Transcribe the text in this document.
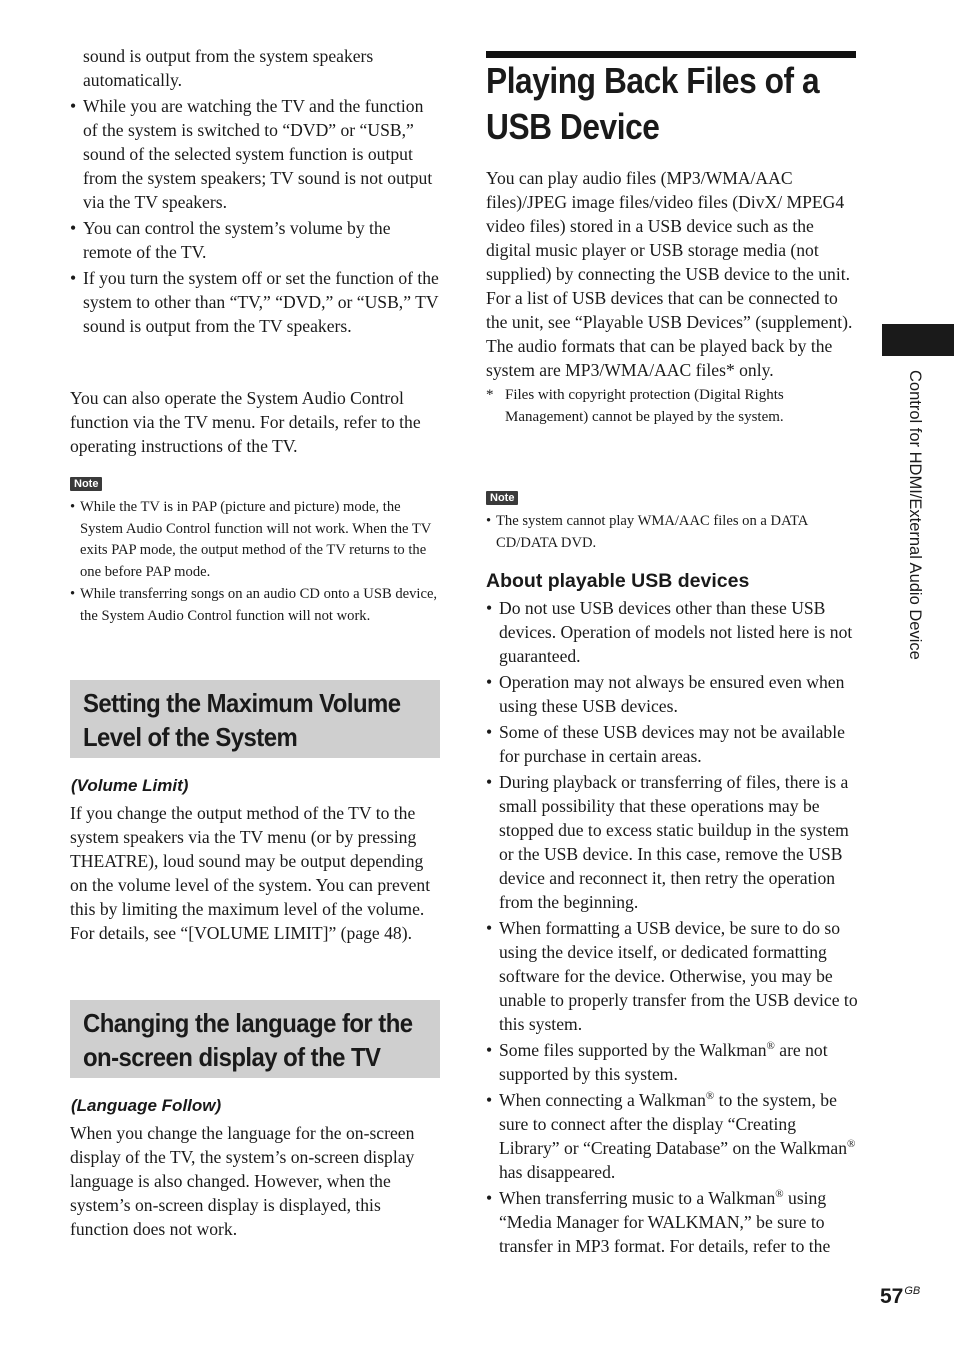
sound is output from the system speakers automatically.
• While you are watching the TV and the function of the system is switched to “DVD” or “USB,” sound of the selected system function is output from the system speakers; TV sound is not output via the TV speakers.
• You can control the system’s volume by the remote of the TV.
• If you turn the system off or set the function of the system to other than “TV,” “DVD,” or “USB,” TV sound is output from the TV speakers.

You can also operate the System Audio Control function via the TV menu. For details, refer to the operating instructions of the TV.

Note
• While the TV is in PAP (picture and picture) mode, the System Audio Control function will not work. When the TV exits PAP mode, the output method of the TV returns to the one before PAP mode.
• While transferring songs on an audio CD onto a USB device, the System Audio Control function will not work.
Setting the Maximum Volume
Level of the System
(Volume Limit)

If you change the output method of the TV to the system speakers via the TV menu (or by pressing THEATRE), loud sound may be output depending on the volume level of the system. You can prevent this by limiting the maximum level of the volume. For details, see “[VOLUME LIMIT]” (page 48).

Changing the language for the
on-screen display of the TV
(Language Follow)

When you change the language for the on-screen display of the TV, the system’s on-screen display language is also changed. However, when the system’s on-screen display is displayed, this function does not work.

Playing Back Files of a
USB Device

You can play audio files (MP3/WMA/AAC files)/JPEG image files/video files (DivX/ MPEG4 video files) stored in a USB device such as the digital music player or USB storage media (not supplied) by connecting the USB device to the unit.

For a list of USB devices that can be connected to the unit, see “Playable USB Devices” (supplement).

The audio formats that can be played back by the system are MP3/WMA/AAC files* only.

* Files with copyright protection (Digital Rights Management) cannot be played by the system.
Note
• The system cannot play WMA/AAC files on a DATA CD/DATA DVD.
About playable USB devices
• Do not use USB devices other than these USB devices. Operation of models not listed here is not guaranteed.
• Operation may not always be ensured even when using these USB devices.
• Some of these USB devices may not be available for purchase in certain areas.
• During playback or transferring of files, there is a small possibility that these operations may be stopped due to excess static buildup in the system or the USB device. In this case, remove the USB device and reconnect it, then retry the operation from the beginning.
• When formatting a USB device, be sure to do so using the device itself, or dedicated formatting software for the device. Otherwise, you may be unable to properly transfer from the USB device to this system.
• Some files supported by the Walkman® are not supported by this system.
• When connecting a Walkman® to the system, be sure to connect after the display “Creating Library” or “Creating Database” on the Walkman® has disappeared.
• When transferring music to a Walkman® using “Media Manager for WALKMAN,” be sure to transfer in MP3 format. For details, refer to the
Control for HDMI/External Audio Device
$57^{GB}$
